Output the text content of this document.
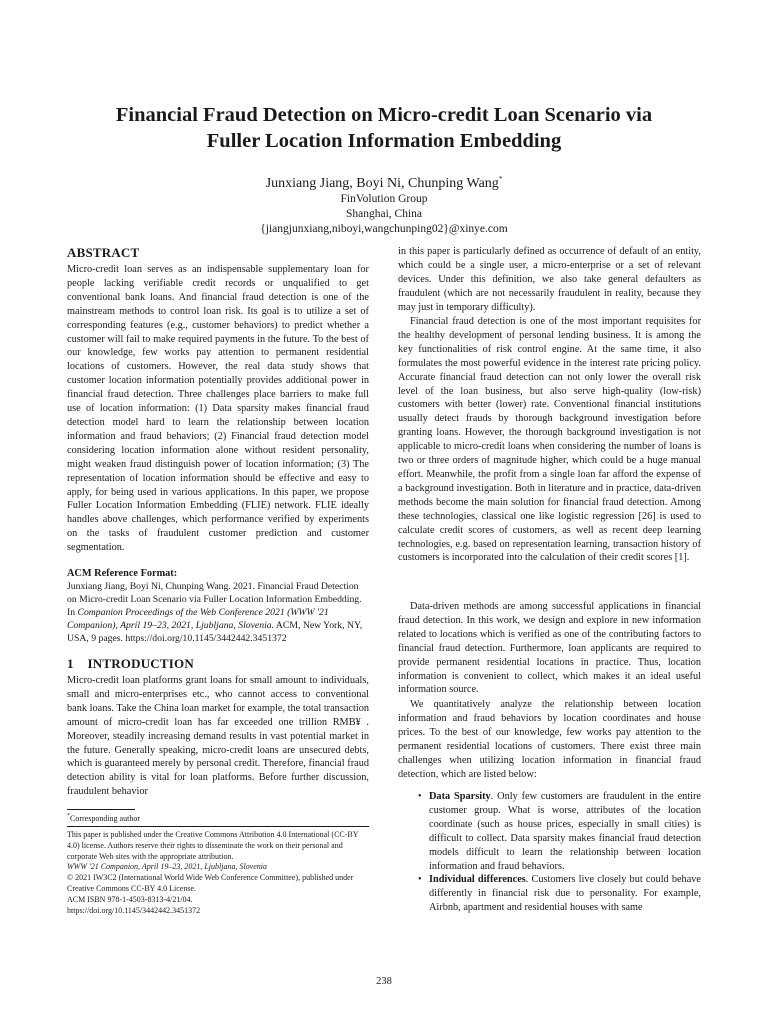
Financial Fraud Detection on Micro-credit Loan Scenario via
Fuller Location Information Embedding
Junxiang Jiang, Boyi Ni, Chunping Wang*
FinVolution Group
Shanghai, China
{jiangjunxiang,niboyi,wangchunping02}@xinye.com
ABSTRACT

Micro-credit loan serves as an indispensable supplementary loan for people lacking verifiable credit records or unqualified to get conventional bank loans. And financial fraud detection is one of the mainstream methods to control loan risk. Its goal is to utilize a set of corresponding features (e.g., customer behaviors) to predict whether a customer will fail to make required payments in the future. To the best of our knowledge, few works pay attention to permanent residential locations of customers. However, the real data study shows that customer location information potentially provides additional power in financial fraud detection. Three challenges place barriers to make full use of location information: (1) Data sparsity makes financial fraud detection model hard to learn the relationship between location information and fraud behaviors; (2) Financial fraud detection model considering location information alone without resident personality, might weaken fraud distinguish power of location information; (3) The representation of location information should be effective and easy to apply, for being used in various applications. In this paper, we propose Fuller Location Information Embedding (FLIE) network. FLIE ideally handles above challenges, which performance verified by experiments on the tasks of fraudulent customer prediction and customer segmentation.

ACM Reference Format:

Junxiang Jiang, Boyi Ni, Chunping Wang. 2021. Financial Fraud Detection on Micro-credit Loan Scenario via Fuller Location Information Embedding. In Companion Proceedings of the Web Conference 2021 (WWW '21 Companion), April 19–23, 2021, Ljubljana, Slovenia. ACM, New York, NY, USA, 9 pages. https://doi.org/10.1145/3442442.3451372

1    INTRODUCTION

Micro-credit loan platforms grant loans for small amount to individuals, small and micro-enterprises etc., who cannot access to conventional bank loans. Take the China loan market for example, the total transaction amount of micro-credit loan has far exceeded one trillion RMB¥ . Moreover, steadily increasing demand results in vast potential market in the future. Generally speaking, micro-credit loans are unsecured debts, which is guaranteed merely by personal credit. Therefore, financial fraud detection ability is vital for loan platforms. Before further discussion, fraudulent behavior

*Corresponding author

This paper is published under the Creative Commons Attribution 4.0 International (CC-BY 4.0) license. Authors reserve their rights to disseminate the work on their personal and corporate Web sites with the appropriate attribution.
WWW '21 Companion, April 19–23, 2021, Ljubljana, Slovenia
© 2021 IW3C2 (International World Wide Web Conference Committee), published under Creative Commons CC-BY 4.0 License.
ACM ISBN 978-1-4503-8313-4/21/04.
https://doi.org/10.1145/3442442.3451372

in this paper is particularly defined as occurrence of default of an entity, which could be a single user, a micro-enterprise or a set of relevant devices. Under this definition, we also take general defaulters as fraudulent (which are not necessarily fraudulent in reality, because they may just in temporary difficulty).

Financial fraud detection is one of the most important requisites for the healthy development of personal lending business. It is among the key functionalities of risk control engine. At the same time, it also formulates the most powerful evidence in the interest rate pricing policy. Accurate financial fraud detection can not only lower the overall risk level of the loan business, but also serve high-quality (low-risk) customers with better (lower) rate. Conventional financial institutions usually detect frauds by thorough background investigation before granting loans. However, the thorough background investigation is not applicable to micro-credit loans when considering the number of loans is two or three orders of magnitude higher, which could be a huge manual effort. Meanwhile, the profit from a single loan far afford the expense of a background investigation. Both in literature and in practice, data-driven methods become the main solution for financial fraud detection. Among these technologies, classical one like logistic regression [26] is used to calculate credit scores of customers, as well as recent deep learning technologies, e.g. based on representation learning, transaction history of customers is incorporated into the calculation of their credit scores [1].

Data-driven methods are among successful applications in financial fraud detection. In this work, we design and explore in new information related to locations which is verified as one of the contributing factors to financial fraud detection. Furthermore, loan applicants are required to provide permanent residential locations in practice. Thus, location information is convenient to collect, which makes it an ideal useful information source.

We quantitatively analyze the relationship between location information and fraud behaviors by location coordinates and house prices. To the best of our knowledge, few works pay attention to the permanent residential locations of customers. There exist three main challenges when utilizing location information in financial fraud detection, which are listed below:

• Data Sparsity. Only few customers are fraudulent in the entire customer group. What is worse, attributes of the location coordinate (such as house prices, especially in small cities) is difficult to collect. Data sparsity makes financial fraud detection models difficult to learn the relationship between location information and fraud behaviors.
• Individual differences. Customers live closely but could behave differently in financial risk due to personality. For example, Airbnb, apartment and residential houses with same
238
